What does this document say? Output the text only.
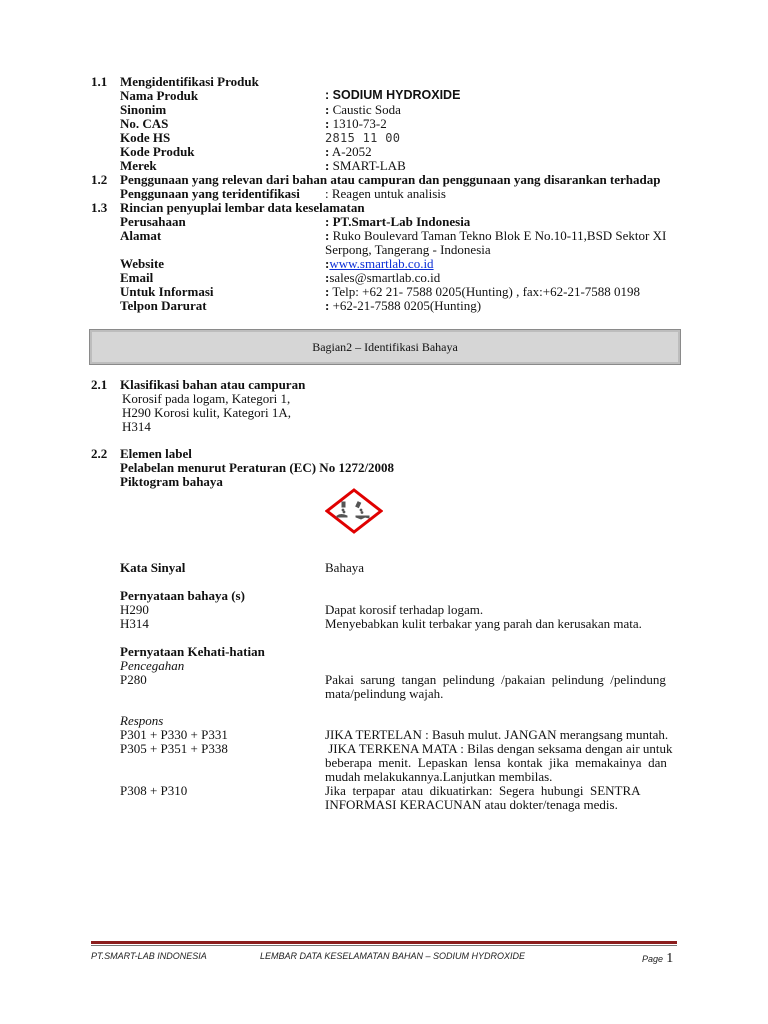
1.1 Mengidentifikasi Produk
Nama Produk	: SODIUM HYDROXIDE
Sinonim	: Caustic Soda
No. CAS	: 1310-73-2
Kode HS	2815 11 00
Kode Produk	: A-2052
Merek	: SMART-LAB
1.2 Penggunaan yang relevan dari bahan atau campuran dan penggunaan yang disarankan terhadap
Penggunaan yang teridentifikasi : Reagen untuk analisis
1.3 Rincian penyuplai lembar data keselamatan
Perusahaan	: PT.Smart-Lab Indonesia
Alamat	: Ruko Boulevard Taman Tekno Blok E No.10-11,BSD Sektor XI
Serpong, Tangerang - Indonesia
Website	:www.smartlab.co.id
Email	:sales@smartlab.co.id
Untuk Informasi	: Telp: +62 21- 7588 0205(Hunting) , fax:+62-21-7588 0198
Telpon Darurat	: +62-21-7588 0205(Hunting)
Bagian2 – Identifikasi Bahaya
2.1 Klasifikasi bahan atau campuran
Korosif pada logam, Kategori 1,
H290 Korosi kulit, Kategori 1A,
H314
2.2 Elemen label
Pelabelan menurut Peraturan (EC) No 1272/2008
Piktogram bahaya
Kata Sinyal	Bahaya
Pernyataan bahaya (s)
H290	Dapat korosif terhadap logam.
H314	Menyebabkan kulit terbakar yang parah dan kerusakan mata.
Pernyataan Kehati-hatian
Pencegahan
P280	Pakai  sarung  tangan  pelindung  /pakaian  pelindung  /pelindung
mata/pelindung wajah.
Respons
P301 + P330 + P331	JIKA TERTELAN : Basuh mulut. JANGAN merangsang muntah.
P305 + P351 + P338	JIKA TERKENA MATA : Bilas dengan seksama dengan air untuk
beberapa  menit.  Lepaskan  lensa  kontak  jika  memakainya  dan
mudah melakukannya.Lanjutkan membilas.
P308 + P310	Jika  terpapar  atau  dikuatirkan:  Segera  hubungi  SENTRA
INFORMASI KERACUNAN atau dokter/tenaga medis.
PT.SMART-LAB INDONESIA	LEMBAR DATA KESELAMATAN BAHAN – SODIUM HYDROXIDE	Page 1
